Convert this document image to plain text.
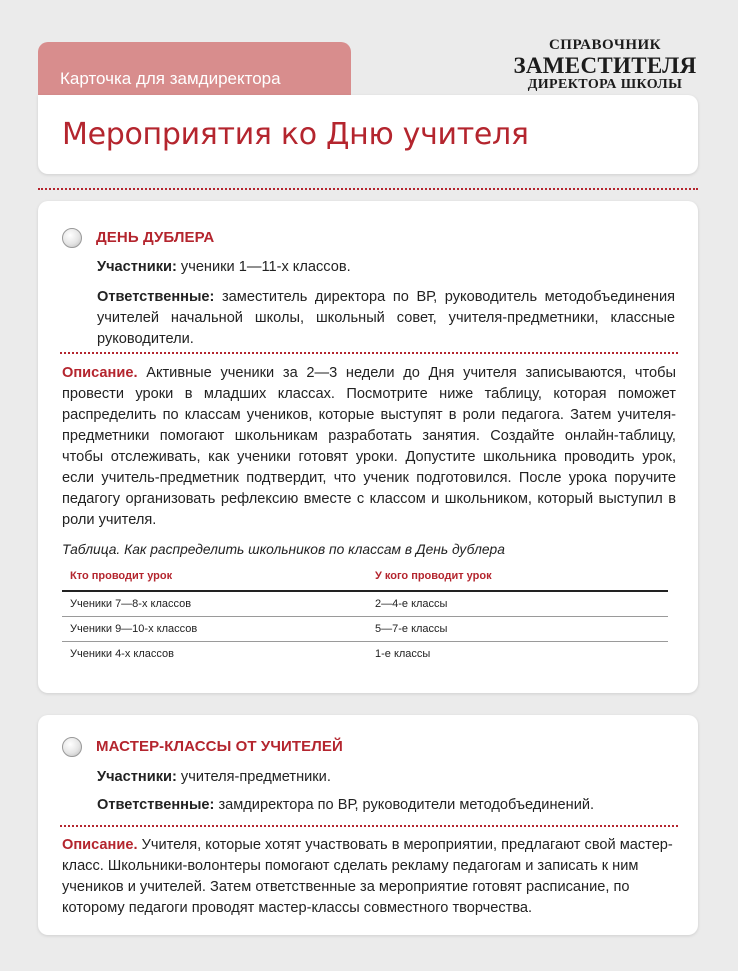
Карточка для замдиректора
Мероприятия ко Дню учителя
СПРАВОЧНИК
ЗАМЕСТИТЕЛЯ
ДИРЕКТОРА ШКОЛЫ
ДЕНЬ ДУБЛЕРА
Участники: ученики 1—11-х классов.
Ответственные: заместитель директора по ВР, руководитель методобъединения учителей начальной школы, школьный совет, учителя-предметники, классные руководители.
Описание. Активные ученики за 2—3 недели до Дня учителя записываются, чтобы провести уроки в младших классах. Посмотрите ниже таблицу, которая поможет распределить по классам учеников, которые выступят в роли педагога. Затем учителя-предметники помогают школьникам разработать занятия. Создайте онлайн-таблицу, чтобы отслеживать, как ученики готовят уроки. Допустите школьника проводить урок, если учитель-предметник подтвердит, что ученик подготовился. После урока поручите педагогу организовать рефлексию вместе с классом и школьником, который выступил в роли учителя.
Таблица. Как распределить школьников по классам в День дублера
Кто проводит урок	У кого проводит урок
Ученики 7—8-х классов	2—4-е классы
Ученики 9—10-х классов	5—7-е классы
Ученики 4-х классов	1-е классы
МАСТЕР-КЛАССЫ ОТ УЧИТЕЛЕЙ
Участники: учителя-предметники.
Ответственные: замдиректора по ВР, руководители методобъединений.
Описание. Учителя, которые хотят участвовать в мероприятии, предлагают свой мастер-класс. Школьники-волонтеры помогают сделать рекламу педагогам и записать к ним учеников и учителей. Затем ответственные за мероприятие готовят расписание, по которому педагоги проводят мастер-классы совместного творчества.
